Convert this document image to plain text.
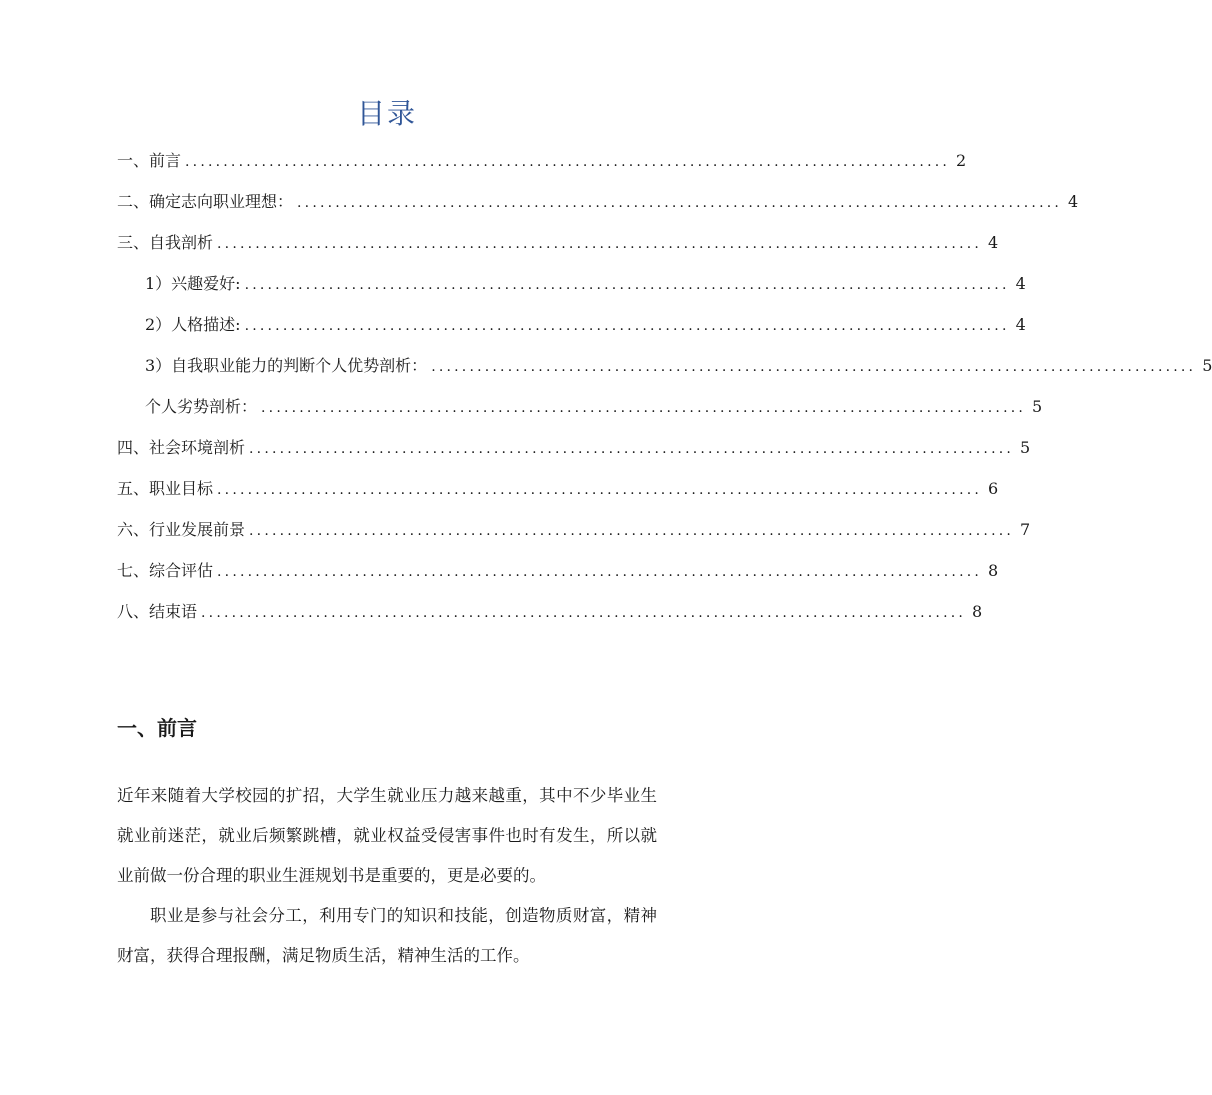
目录
一、前言 .................................................................................................... 2
二、确定志向职业理想： .................................................................................................... 4
三、自我剖析 .................................................................................................... 4
1）兴趣爱好: .................................................................................................... 4
2）人格描述: .................................................................................................... 4
3）自我职业能力的判断个人优势剖析： .................................................................................................... 5
个人劣势剖析： .................................................................................................... 5
四、社会环境剖析 .................................................................................................... 5
五、职业目标 .................................................................................................... 6
六、行业发展前景 .................................................................................................... 7
七、综合评估 .................................................................................................... 8
八、结束语 .................................................................................................... 8
一、前言

近年来随着大学校园的扩招，大学生就业压力越来越重，其中不少毕业生就业前迷茫，就业后频繁跳槽，就业权益受侵害事件也时有发生，所以就业前做一份合理的职业生涯规划书是重要的，更是必要的。

职业是参与社会分工，利用专门的知识和技能，创造物质财富，精神财富，获得合理报酬，满足物质生活，精神生活的工作。
